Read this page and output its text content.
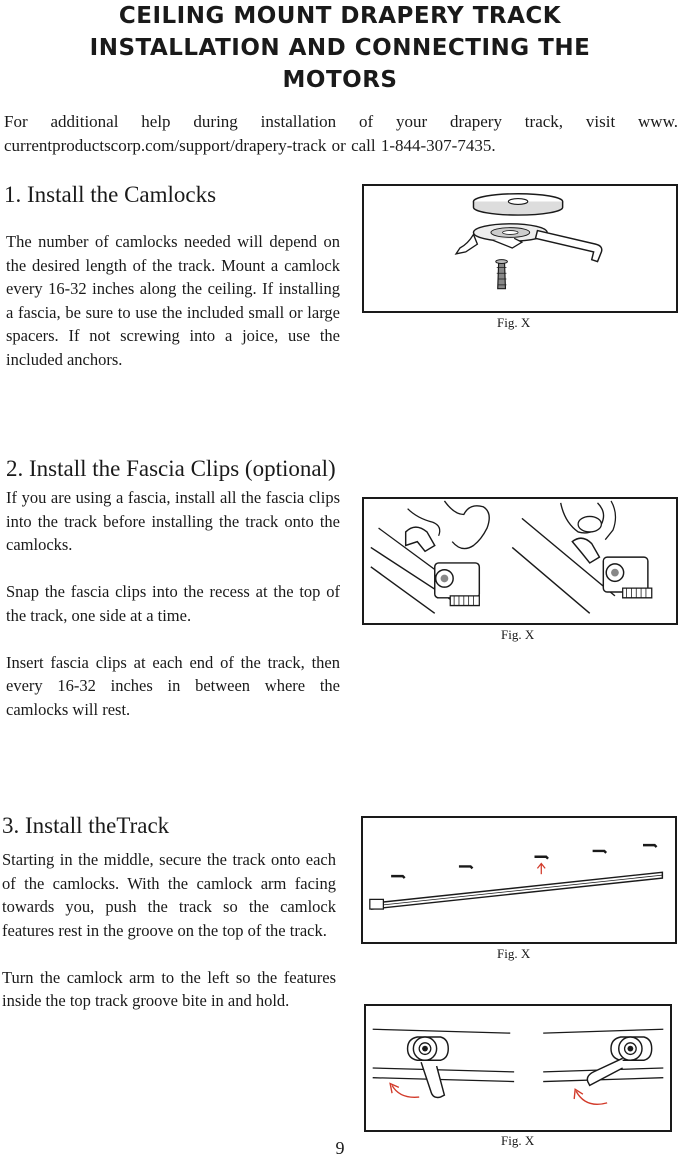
CEILING MOUNT DRAPERY TRACK
INSTALLATION AND CONNECTING THE
MOTORS
For additional help during installation of your drapery track, visit www. currentproductscorp.com/support/drapery-track or call 1-844-307-7435.
1. Install the Camlocks

The number of camlocks needed will depend on the desired length of the track. Mount a camlock every 16-32 inches along the ceiling. If installing a fascia, be sure to use the included small or large spacers. If not screwing into a joice, use the included anchors.

Fig. X
2. Install the Fascia Clips (optional)

If you are using a fascia, install all the fascia clips into the track before installing the track onto the camlocks.

Snap the fascia clips into the recess at the top of the track, one side at a time.

Insert fascia clips at each end of the track, then every 16-32 inches in between where the camlocks will rest.

Fig. X
3. Install theTrack

Starting in the middle, secure the track onto each of the camlocks. With the camlock arm facing towards you, push the track so the camlock features rest in the groove on the top of the track.

Turn the camlock arm to the left so the features inside the top track groove bite in and hold.

Fig. X
Fig. X
9
